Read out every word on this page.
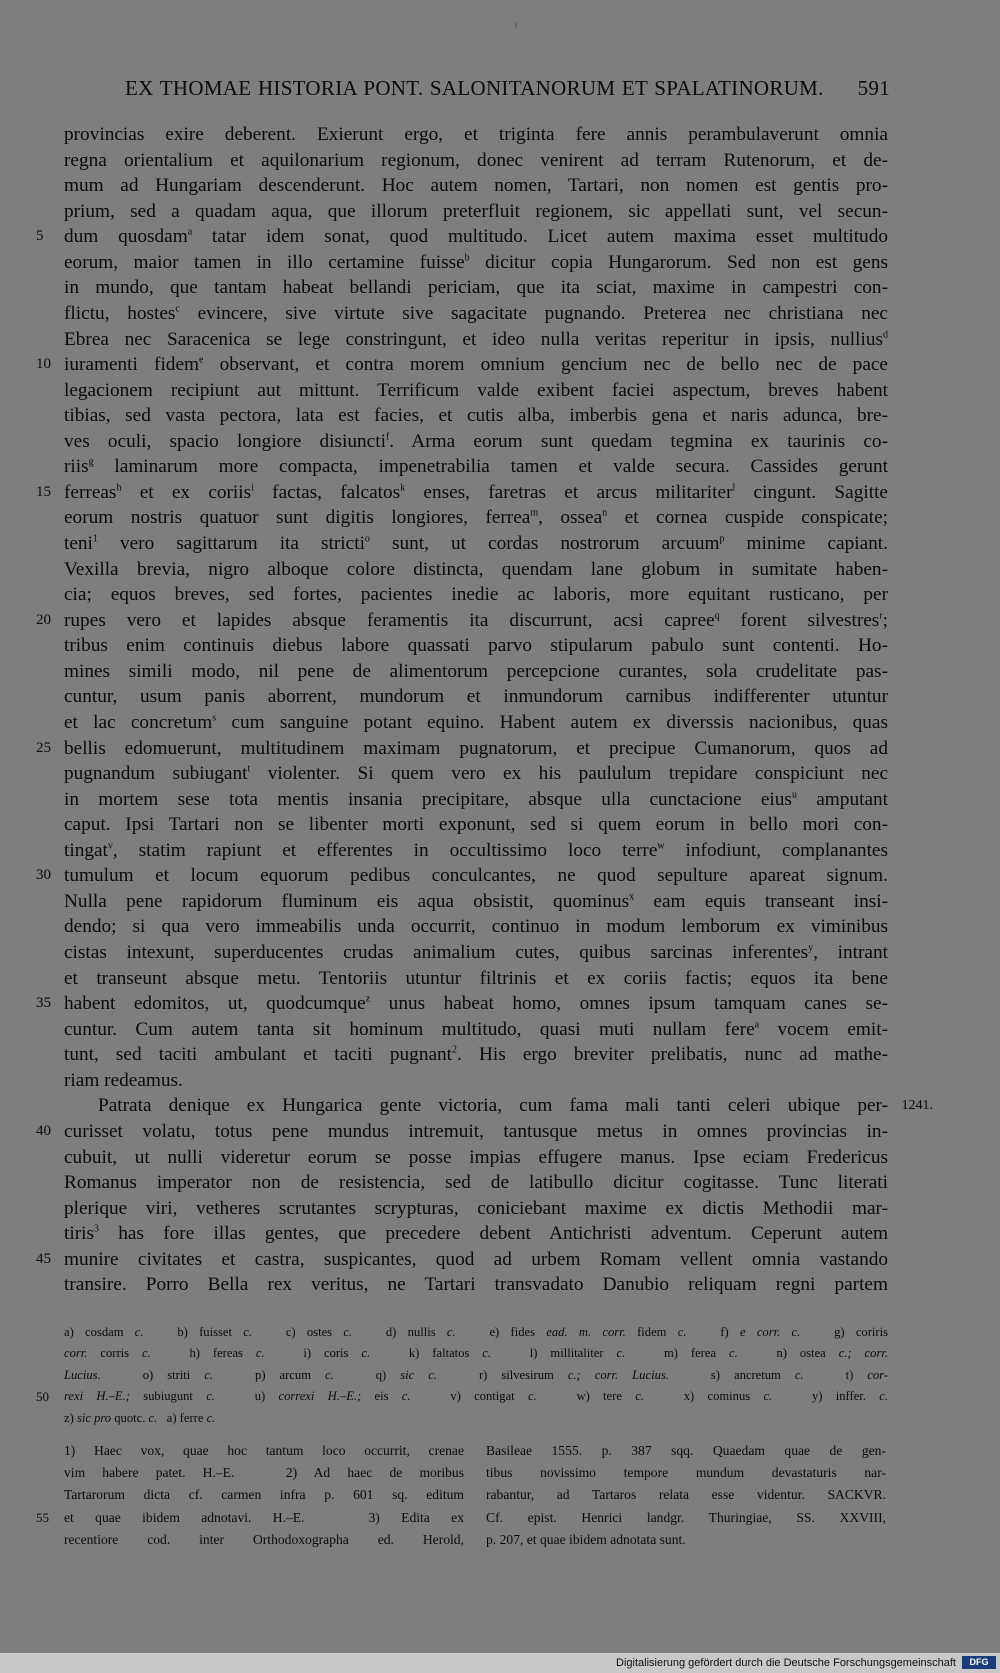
EX THOMAE HISTORIA PONT. SALONITANORUM ET SPALATINORUM. 591
provincias exire deberent. Exierunt ergo, et triginta fere annis perambulaverunt omnia
regna orientalium et aquilonarium regionum, donec venirent ad terram Rutenorum, et de-
mum ad Hungariam descenderunt. Hoc autem nomen, Tartari, non nomen est gentis pro-
prium, sed a quadam aqua, que illorum preterfluit regionem, sic appellati sunt, vel secun-
dum quosdam$^a$ tatar idem sonat, quod multitudo. Licet autem maxima esset multitudo
5
eorum, maior tamen in illo certamine fuisse$^b$ dicitur copia Hungarorum. Sed non est gens
in mundo, que tantam habeat bellandi periciam, que ita sciat, maxime in campestri con-
flictu, hostes$^c$ evincere, sive virtute sive sagacitate pugnando. Preterea nec christiana nec
Ebrea nec Saracenica se lege constringunt, et ideo nulla veritas reperitur in ipsis, nullius$^d$
iuramenti fidem$^e$ observant, et contra morem omnium gencium nec de bello nec de pace
10
legacionem recipiunt aut mittunt. Terrificum valde exibent faciei aspectum, breves habent
tibias, sed vasta pectora, lata est facies, et cutis alba, imberbis gena et naris adunca, bre-
ves oculi, spacio longiore disiuncti$^f$. Arma eorum sunt quedam tegmina ex taurinis co-
riis$^g$ laminarum more compacta, impenetrabilia tamen et valde secura. Cassides gerunt
ferreas$^h$ et ex coriis$^i$ factas, falcatos$^k$ enses, faretras et arcus militariter$^l$ cingunt. Sagitte
15
eorum nostris quatuor sunt digitis longiores, ferrea$^m$, ossea$^n$ et cornea cuspide conspicate;
teni$^1$ vero sagittarum ita stricti$^o$ sunt, ut cordas nostrorum arcuum$^p$ minime capiant.
Vexilla brevia, nigro alboque colore distincta, quendam lane globum in sumitate haben-
cia; equos breves, sed fortes, pacientes inedie ac laboris, more equitant rusticano, per
rupes vero et lapides absque feramentis ita discurrunt, acsi capree$^q$ forent silvestres$^r$;
20
tribus enim continuis diebus labore quassati parvo stipularum pabulo sunt contenti. Ho-
mines simili modo, nil pene de alimentorum percepcione curantes, sola crudelitate pas-
cuntur, usum panis aborrent, mundorum et inmundorum carnibus indifferenter utuntur
et lac concretum$^s$ cum sanguine potant equino. Habent autem ex diverssis nacionibus, quas
bellis edomuerunt, multitudinem maximam pugnatorum, et precipue Cumanorum, quos ad
25
pugnandum subiugant$^t$ violenter. Si quem vero ex his paululum trepidare conspiciunt nec
in mortem sese tota mentis insania precipitare, absque ulla cunctacione eius$^u$ amputant
caput. Ipsi Tartari non se libenter morti exponunt, sed si quem eorum in bello mori con-
tingat$^v$, statim rapiunt et efferentes in occultissimo loco terre$^w$ infodiunt, complanantes
tumulum et locum equorum pedibus conculcantes, ne quod sepulture apareat signum.
30
Nulla pene rapidorum fluminum eis aqua obsistit, quominus$^x$ eam equis transeant insi-
dendo; si qua vero immeabilis unda occurrit, continuo in modum lemborum ex viminibus
cistas intexunt, superducentes crudas animalium cutes, quibus sarcinas inferentes$^y$, intrant
et transeunt absque metu. Tentoriis utuntur filtrinis et ex coriis factis; equos ita bene
habent edomitos, ut, quodcumque$^z$ unus habeat homo, omnes ipsum tamquam canes se-
35
cuntur. Cum autem tanta sit hominum multitudo, quasi muti nullam fere$^a$ vocem emit-
tunt, sed taciti ambulant et taciti pugnant$^2$. His ergo breviter prelibatis, nunc ad mathe-
riam redeamus.
Patrata denique ex Hungarica gente victoria, cum fama mali tanti celeri ubique per- 1241.
curisset volatu, totus pene mundus intremuit, tantusque metus in omnes provincias in-
40
cubuit, ut nulli videretur eorum se posse impias effugere manus. Ipse eciam Fredericus
Romanus imperator non de resistencia, sed de latibullo dicitur cogitasse. Tunc literati
plerique viri, vetheres scrutantes scrypturas, coniciebant maxime ex dictis Methodii mar-
tiris$^3$ has fore illas gentes, que precedere debent Antichristi adventum. Ceperunt autem
munire civitates et castra, suspicantes, quod ad urbem Romam vellent omnia vastando
45
transire. Porro Bella rex veritus, ne Tartari transvadato Danubio reliquam regni partem
a) cosdam c.   b) fuisset c.   c) ostes c.   d) nullis c.   e) fides ead. m. corr. fidem c.   f) e corr. c.   g) coriris
corr. corris c.   h) fereas c.   i) coris c.   k) faltatos c.   l) millitaliter c.   m) ferea c.   n) ostea c.; corr.
Lucius.   o) striti c.   p) arcum c.   q) sic c.   r) silvesirum c.; corr. Lucius.   s) ancretum c.   t) cor-
rexi H.–E.; subiugunt c.   u) correxi H.–E.; eis c.   v) contigat c.   w) tere c.   x) cominus c.   y) inffer. c.
50
z) sic pro quotc. c.   a) ferre c.
1) Haec vox, quae hoc tantum loco occurrit, crenae
vim habere patet. H.–E.   2) Ad haec de moribus
Tartarorum dicta cf. carmen infra p. 601 sq. editum
et quae ibidem adnotavi. H.–E.   3) Edita ex
55
recentiore cod. inter Orthodoxographa ed. Herold,
Basileae 1555. p. 387 sqq. Quaedam quae de gen-
tibus novissimo tempore mundum devastaturis nar-
rabantur, ad Tartaros relata esse videntur. SACKVR.
Cf. epist. Henrici landgr. Thuringiae, SS. XXVIII,
p. 207, et quae ibidem adnotata sunt.
Digitalisierung gefördert durch die Deutsche Forschungsgemeinschaft	DFG
